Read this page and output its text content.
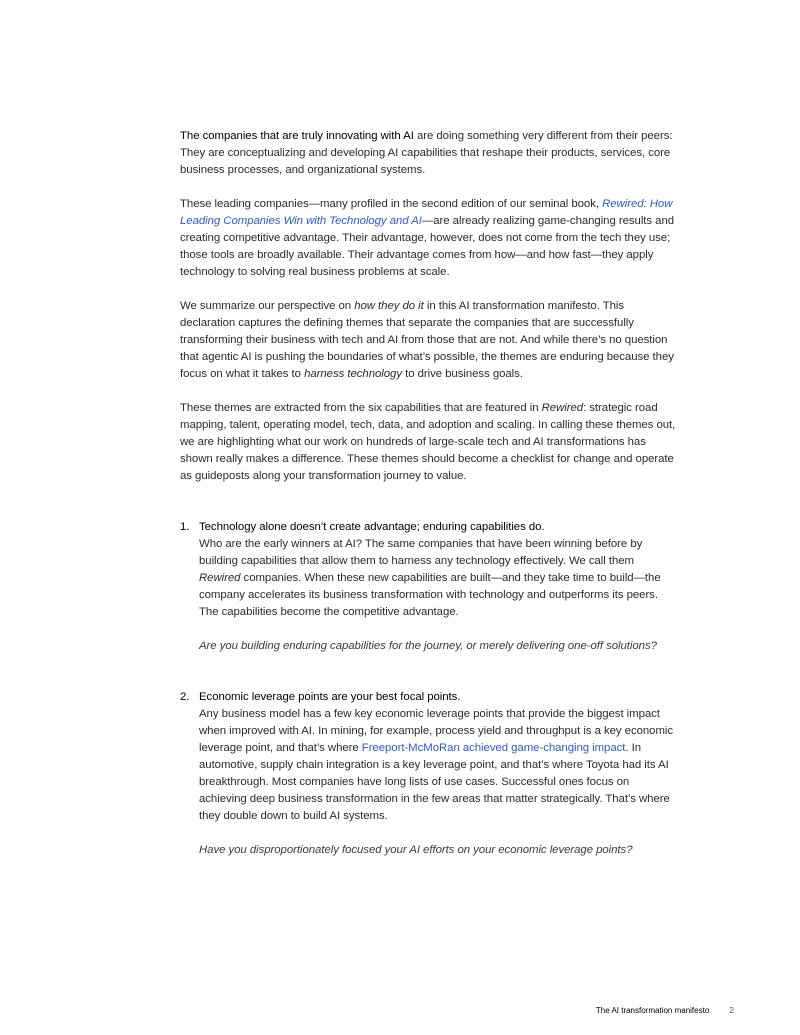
The companies that are truly innovating with AI are doing something very different from their peers: They are conceptualizing and developing AI capabilities that reshape their products, services, core business processes, and organizational systems.

These leading companies—many profiled in the second edition of our seminal book, Rewired: How Leading Companies Win with Technology and AI—are already realizing game-changing results and creating competitive advantage. Their advantage, however, does not come from the tech they use; those tools are broadly available. Their advantage comes from how—and how fast—they apply technology to solving real business problems at scale.

We summarize our perspective on how they do it in this AI transformation manifesto. This declaration captures the defining themes that separate the companies that are successfully transforming their business with tech and AI from those that are not. And while there’s no question that agentic AI is pushing the boundaries of what’s possible, the themes are enduring because they focus on what it takes to harness technology to drive business goals.

These themes are extracted from the six capabilities that are featured in Rewired: strategic road mapping, talent, operating model, tech, data, and adoption and scaling. In calling these themes out, we are highlighting what our work on hundreds of large-scale tech and AI transformations has shown really makes a difference. These themes should become a checklist for change and operate as guideposts along your transformation journey to value.

1. Technology alone doesn’t create advantage; enduring capabilities do.

Who are the early winners at AI? The same companies that have been winning before by building capabilities that allow them to harness any technology effectively. We call them Rewired companies. When these new capabilities are built—and they take time to build—the company accelerates its business transformation with technology and outperforms its peers. The capabilities become the competitive advantage.

Are you building enduring capabilities for the journey, or merely delivering one-off solutions?

2. Economic leverage points are your best focal points.

Any business model has a few key economic leverage points that provide the biggest impact when improved with AI. In mining, for example, process yield and throughput is a key economic leverage point, and that’s where Freeport-McMoRan achieved game-changing impact. In automotive, supply chain integration is a key leverage point, and that’s where Toyota had its AI breakthrough. Most companies have long lists of use cases. Successful ones focus on achieving deep business transformation in the few areas that matter strategically. That’s where they double down to build AI systems.

Have you disproportionately focused your AI efforts on your economic leverage points?

The AI transformation manifesto 2
